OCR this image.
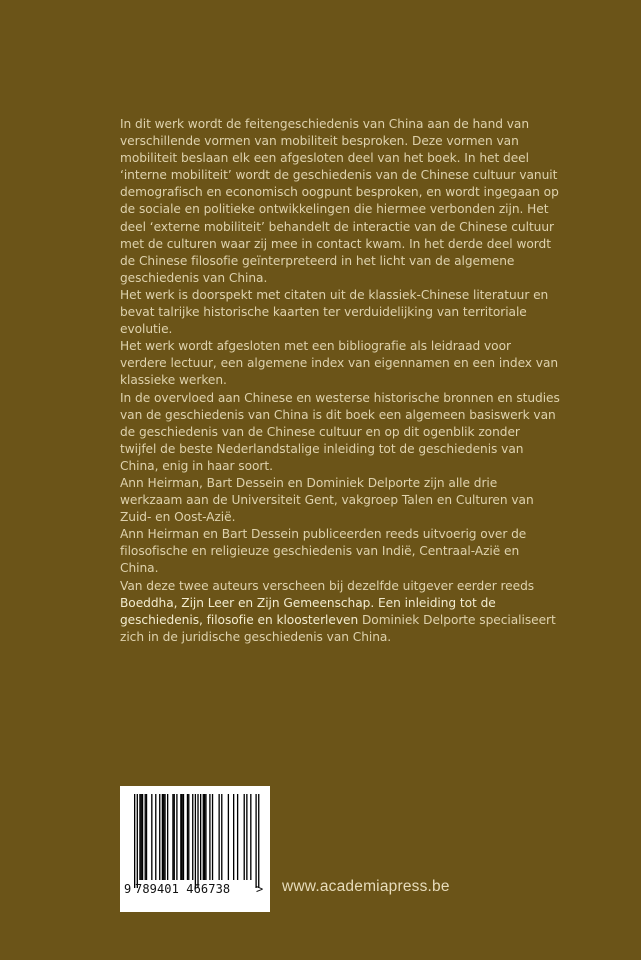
In dit werk wordt de feitengeschiedenis van China aan de hand van verschillende vormen van mobiliteit besproken. Deze vormen van mobiliteit beslaan elk een afgesloten deel van het boek. In het deel ‘interne mobiliteit’ wordt de geschiedenis van de Chinese cultuur vanuit demografisch en economisch oogpunt besproken, en wordt ingegaan op de sociale en politieke ontwikkelingen die hiermee verbonden zijn. Het deel ‘externe mobiliteit’ behandelt de interactie van de Chinese cultuur met de culturen waar zij mee in contact kwam. In het derde deel wordt de Chinese filosofie geïnterpreteerd in het licht van de algemene geschiedenis van China.

Het werk is doorspekt met citaten uit de klassiek-Chinese literatuur en bevat talrijke historische kaarten ter verduidelijking van territoriale evolutie.

Het werk wordt afgesloten met een bibliografie als leidraad voor verdere lectuur, een algemene index van eigennamen en een index van klassieke werken.

In de overvloed aan Chinese en westerse historische bronnen en studies van de geschiedenis van China is dit boek een algemeen basiswerk van de geschiedenis van de Chinese cultuur en op dit ogenblik zonder twijfel de beste Nederlandstalige inleiding tot de geschiedenis van China, enig in haar soort.

Ann Heirman, Bart Dessein en Dominiek Delporte zijn alle drie werkzaam aan de Universiteit Gent, vakgroep Talen en Culturen van Zuid- en Oost-Azië.

Ann Heirman en Bart Dessein publiceerden reeds uitvoerig over de filosofische en religieuze geschiedenis van Indië, Centraal-Azië en China.

Van deze twee auteurs verscheen bij dezelfde uitgever eerder reeds Boeddha, Zijn Leer en Zijn Gemeenschap. Een inleiding tot de geschiedenis, filosofie en kloosterleven Dominiek Delporte specialiseert zich in de juridische geschiedenis van China.

9 789401 466738 > www.academiapress.be
